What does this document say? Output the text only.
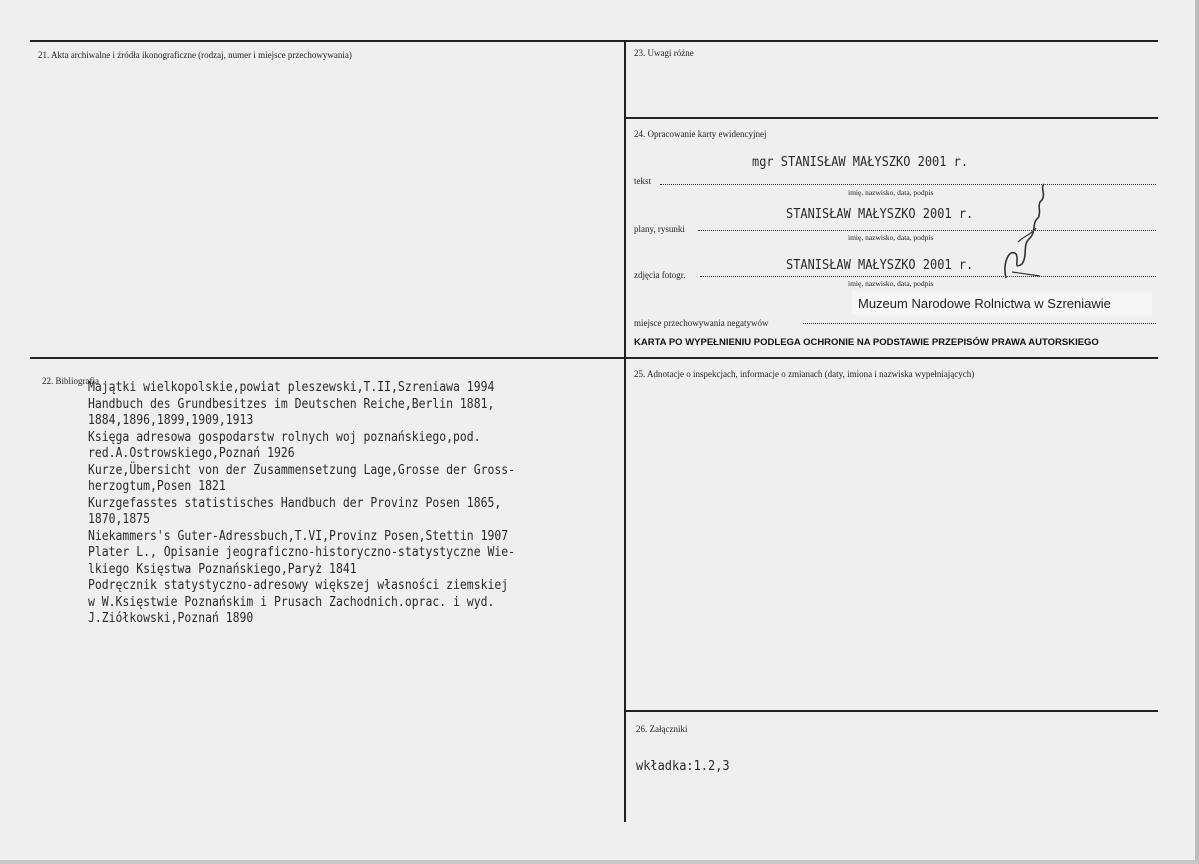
21. Akta archiwalne i źródła ikonograficzne (rodzaj, numer i miejsce przechowywania)	23. Uwagi różne
24. Opracowanie karty ewidencyjnej
22. Bibliografia
25. Adnotacje o inspekcjach, informacje o zmianach (daty, imiona i nazwiska wypełniających)
26. Załączniki
mgr STANISŁAW MAŁYSZKO 2001 r.
tekst
imię, nazwisko, data, podpis
STANISŁAW MAŁYSZKO 2001 r.
plany, rysunki
imię, nazwisko, data, podpis
STANISŁAW MAŁYSZKO 2001 r.
zdjęcia fotogr.
imię, nazwisko, data, podpis
Muzeum Narodowe Rolnictwa w Szreniawie
miejsce przechowywania negatywów
KARTA PO WYPEŁNIENIU PODLEGA OCHRONIE NA PODSTAWIE PRZEPISÓW PRAWA AUTORSKIEGO
Majątki wielkopolskie,powiat pleszewski,T.II,Szreniawa 1994
Handbuch des Grundbesitzes im Deutschen Reiche,Berlin 1881,
1884,1896,1899,1909,1913
Księga adresowa gospodarstw rolnych woj poznańskiego,pod.
red.A.Ostrowskiego,Poznań 1926
Kurze,Übersicht von der Zusammensetzung Lage,Grosse der Gross-
herzogtum,Posen 1821
Kurzgefasstes statistisches Handbuch der Provinz Posen 1865,
1870,1875
Niekammers's Guter-Adressbuch,T.VI,Provinz Posen,Stettin 1907
Plater L., Opisanie jeograficzno-historyczno-statystyczne Wie-
lkiego Księstwa Poznańskiego,Paryż 1841
Podręcznik statystyczno-adresowy większej własności ziemskiej
w W.Księstwie Poznańskim i Prusach Zachodnich.oprac. i wyd.
J.Ziółkowski,Poznań 1890
wkładka:1.2,3
